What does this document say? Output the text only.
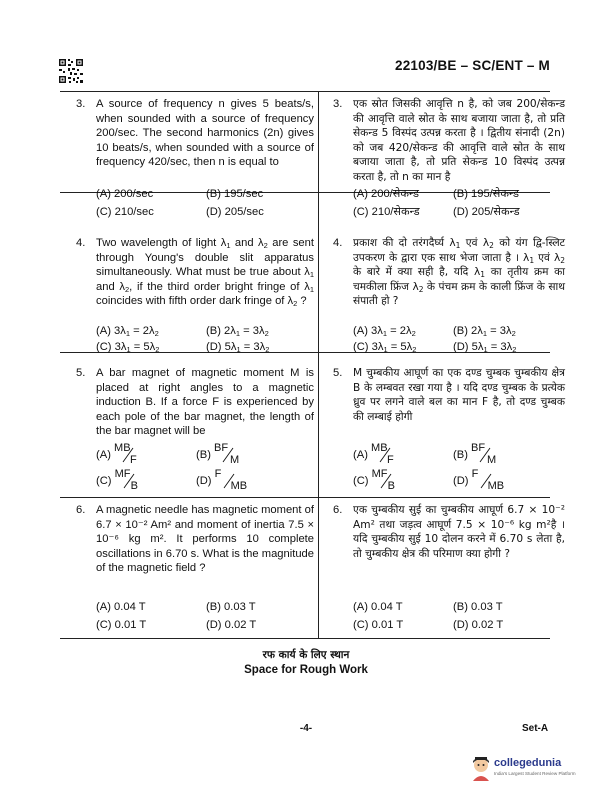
22103/BE – SC/ENT – M
3. A source of frequency n gives 5 beats/s, when sounded with a source of frequency 200/sec. The second harmonics (2n) gives 10 beats/s, when sounded with a source of frequency 420/sec, then n is equal to
(A) 200/sec	(B) 195/sec
(C) 210/sec	(D) 205/sec
4. Two wavelength of light $\lambda_1$ and $\lambda_2$ are sent through Young's double slit apparatus simultaneously. What must be true about $\lambda_1$ and $\lambda_2$, if the third order bright fringe of $\lambda_1$ coincides with fifth order dark fringe of $\lambda_2$ ?
(A) $3\lambda_1 = 2\lambda_2$	(B) $2\lambda_1 = 3\lambda_2$
(C) $3\lambda_1 = 5\lambda_2$	(D) $5\lambda_1 = 3\lambda_2$
5. A bar magnet of magnetic moment M is placed at right angles to a magnetic induction B. If a force F is experienced by each pole of the bar magnet, the length of the bar magnet will be
(A)
MB
F	(B)
BF
M
(C)
MF
B	(D)
F
MB
6. A magnetic needle has magnetic moment of 6.7 × 10⁻² Am² and moment of inertia 7.5 × 10⁻⁶ kg m². It performs 10 complete oscillations in 6.70 s. What is the magnitude of the magnetic field ?
(A) 0.04 T	(B) 0.03 T
(C) 0.01 T	(D) 0.02 T
3. एक स्रोत जिसकी आवृत्ति n है, को जब 200/सेकन्ड की आवृत्ति वाले स्रोत के साथ बजाया जाता है, तो प्रति सेकन्ड 5 विस्पंद उत्पन्न करता है । द्वितीय संनादी (2n) को जब 420/सेकन्ड की आवृत्ति वाले स्रोत के साथ बजाया जाता है, तो प्रति सेकन्ड 10 विस्पंद उत्पन्न करता है, तो n का मान है
(A) 200/सेकन्ड	(B) 195/सेकन्ड
(C) 210/सेकन्ड	(D) 205/सेकन्ड
4. प्रकाश की दो तरंगदैर्घ्य $\lambda_1$ एवं $\lambda_2$ को यंग द्वि-स्लिट उपकरण के द्वारा एक साथ भेजा जाता है । $\lambda_1$ एवं $\lambda_2$ के बारे में क्या सही है, यदि $\lambda_1$ का तृतीय क्रम का चमकीला फ्रिंज $\lambda_2$ के पंचम क्रम के काली फ्रिंज के साथ संपाती हो ?
(A) $3\lambda_1 = 2\lambda_2$	(B) $2\lambda_1 = 3\lambda_2$
(C) $3\lambda_1 = 5\lambda_2$	(D) $5\lambda_1 = 3\lambda_2$
5. M चुम्बकीय आघूर्ण का एक दण्ड चुम्बक चुम्बकीय क्षेत्र B के लम्बवत रखा गया है । यदि दण्ड चुम्बक के प्रत्येक ध्रुव पर लगने वाले बल का मान F है, तो दण्ड चुम्बक की लम्बाई होगी
(A)
MB
F	(B)
BF
M
(C)
MF
B	(D)
F
MB
6. एक चुम्बकीय सुई का चुम्बकीय आघूर्ण 6.7 × 10⁻² Am² तथा जड़त्व आघूर्ण 7.5 × 10⁻⁶ kg m²है । यदि चुम्बकीय सुई 10 दोलन करने में 6.70 s लेता है, तो चुम्बकीय क्षेत्र की परिमाण क्या होगी ?
(A) 0.04 T	(B) 0.03 T
(C) 0.01 T	(D) 0.02 T
रफ कार्य के लिए स्थान
Space for Rough Work
-4-	Set-A
collegedunia
India's Largest Student Review Platform
